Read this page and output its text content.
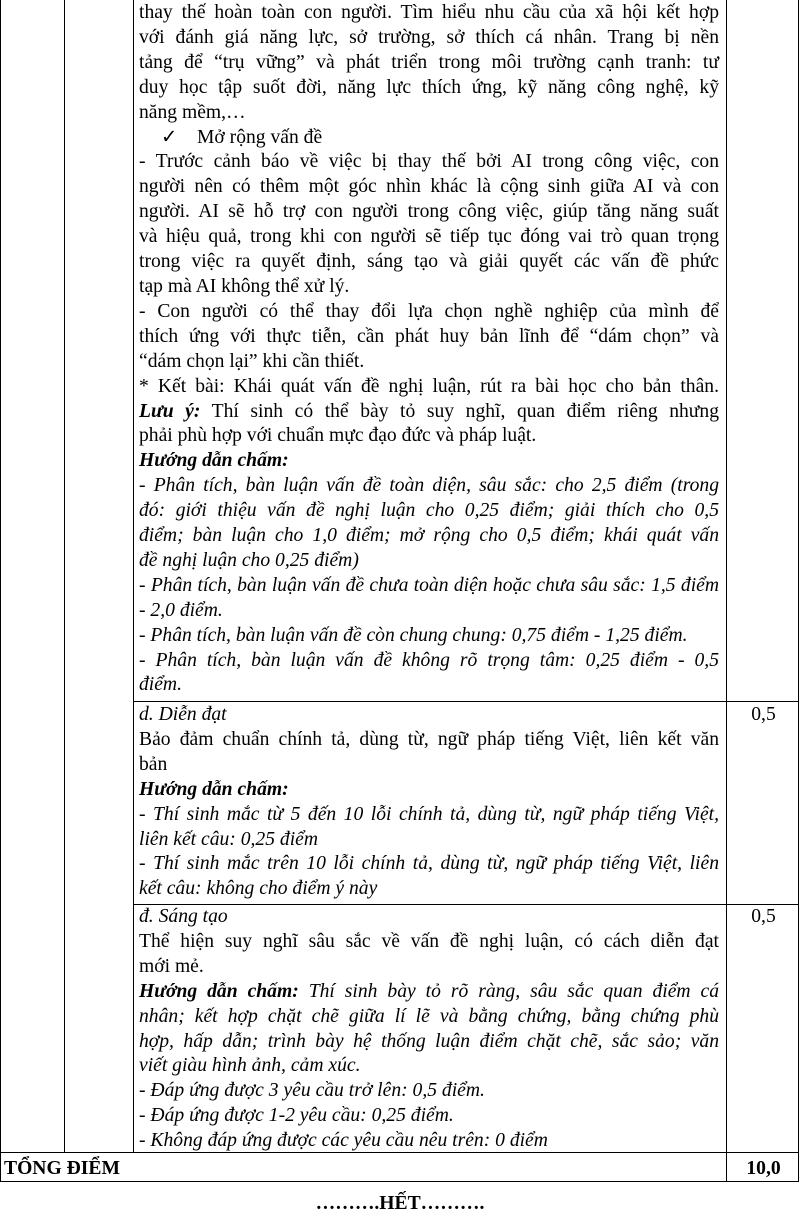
thay thế hoàn toàn con người. Tìm hiểu nhu cầu của xã hội kết hợp

với đánh giá năng lực, sở trường, sở thích cá nhân. Trang bị nền

tảng để “trụ vững” và phát triển trong môi trường cạnh tranh: tư

duy học tập suốt đời, năng lực thích ứng, kỹ năng công nghệ, kỹ

năng mềm,…

✓ Mở rộng vấn đề

- Trước cảnh báo về việc bị thay thế bởi AI trong công việc, con

người nên có thêm một góc nhìn khác là cộng sinh giữa AI và con

người. AI sẽ hỗ trợ con người trong công việc, giúp tăng năng suất

và hiệu quả, trong khi con người sẽ tiếp tục đóng vai trò quan trọng

trong việc ra quyết định, sáng tạo và giải quyết các vấn đề phức

tạp mà AI không thể xử lý.

- Con người có thể thay đổi lựa chọn nghề nghiệp của mình để

thích ứng với thực tiễn, cần phát huy bản lĩnh để “dám chọn” và

“dám chọn lại” khi cần thiết.

* Kết bài: Khái quát vấn đề nghị luận, rút ra bài học cho bản thân.

Lưu ý: Thí sinh có thể bày tỏ suy nghĩ, quan điểm riêng nhưng

phải phù hợp với chuẩn mực đạo đức và pháp luật.

Hướng dẫn chấm:

- Phân tích, bàn luận vấn đề toàn diện, sâu sắc: cho 2,5 điểm (trong

đó: giới thiệu vấn đề nghị luận cho 0,25 điểm; giải thích cho 0,5

điểm; bàn luận cho 1,0 điểm; mở rộng cho 0,5 điểm; khái quát vấn

đề nghị luận cho 0,25 điểm)

- Phân tích, bàn luận vấn đề chưa toàn diện hoặc chưa sâu sắc: 1,5 điểm

- 2,0 điểm.

- Phân tích, bàn luận vấn đề còn chung chung: 0,75 điểm - 1,25 điểm.

- Phân tích, bàn luận vấn đề không rõ trọng tâm: 0,25 điểm - 0,5

điểm.

d. Diễn đạt

Bảo đảm chuẩn chính tả, dùng từ, ngữ pháp tiếng Việt, liên kết văn

bản

Hướng dẫn chấm:

- Thí sinh mắc từ 5 đến 10 lỗi chính tả, dùng từ, ngữ pháp tiếng Việt,

liên kết câu: 0,25 điểm

- Thí sinh mắc trên 10 lỗi chính tả, dùng từ, ngữ pháp tiếng Việt, liên

kết câu: không cho điểm ý này

0,5

đ. Sáng tạo

Thể hiện suy nghĩ sâu sắc về vấn đề nghị luận, có cách diễn đạt

mới mẻ.

Hướng dẫn chấm: Thí sinh bày tỏ rõ ràng, sâu sắc quan điểm cá

nhân; kết hợp chặt chẽ giữa lí lẽ và bằng chứng, bằng chứng phù

hợp, hấp dẫn; trình bày hệ thống luận điểm chặt chẽ, sắc sảo; văn

viết giàu hình ảnh, cảm xúc.

- Đáp ứng được 3 yêu cầu trở lên: 0,5 điểm.

- Đáp ứng được 1-2 yêu cầu: 0,25 điểm.

- Không đáp ứng được các yêu cầu nêu trên: 0 điểm

0,5
TỔNG ĐIỂM	10,0
……….HẾT……….
